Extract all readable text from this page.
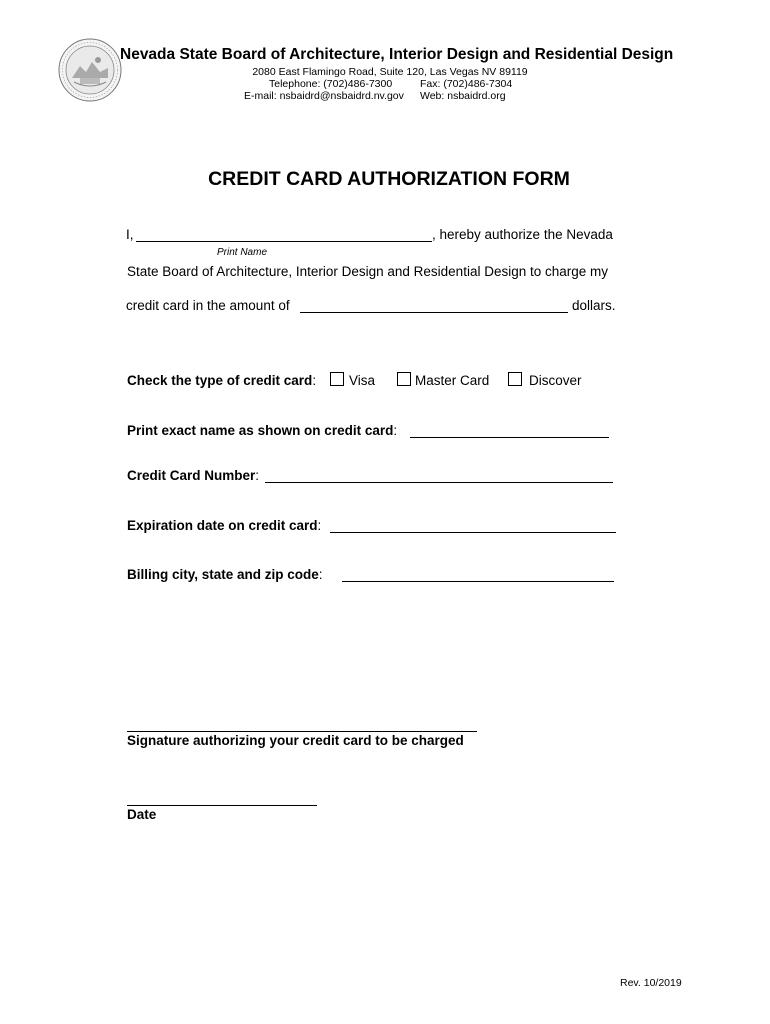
Nevada State Board of Architecture, Interior Design and Residential Design
2080 East Flamingo Road, Suite 120, Las Vegas NV 89119
Telephone: (702)486-7300	Fax: (702)486-7304
E-mail: nsbaidrd@nsbaidrd.nv.gov Web: nsbaidrd.org
CREDIT CARD AUTHORIZATION FORM
I,	, hereby authorize the Nevada
Print Name
State Board of Architecture, Interior Design and Residential Design to charge my
credit card in the amount of	dollars.
Check the type of credit card: Visa	Master Card	Discover
Print exact name as shown on credit card:
Credit Card Number:
Expiration date on credit card:
Billing city, state and zip code:
Signature authorizing your credit card to be charged
Date
Rev. 10/2019
